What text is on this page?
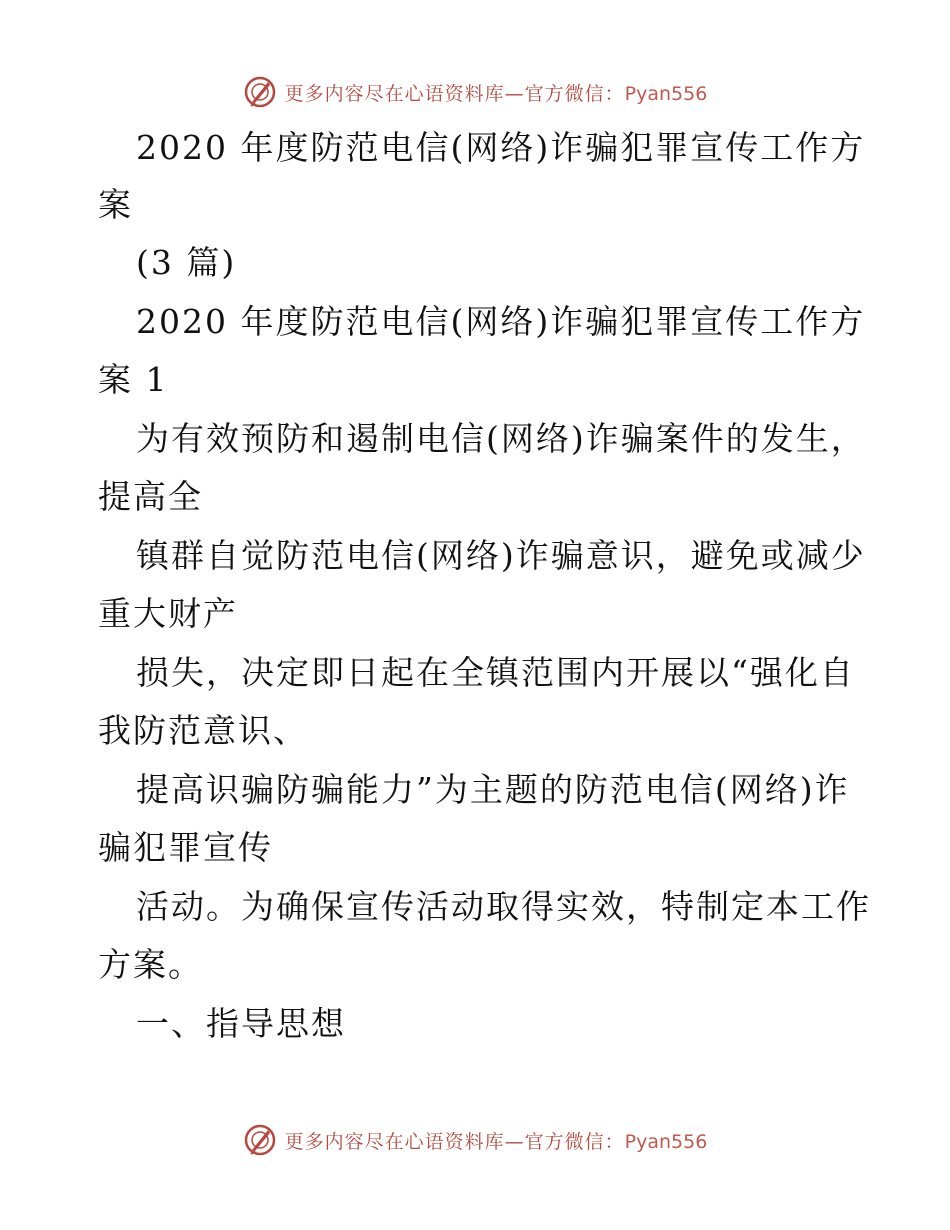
更多内容尽在心语资料库—官方微信：Pyan556
2020 年度防范电信(网络)诈骗犯罪宣传工作方
案
(3 篇)
2020 年度防范电信(网络)诈骗犯罪宣传工作方
案 1
为有效预防和遏制电信(网络)诈骗案件的发生，
提高全
镇群自觉防范电信(网络)诈骗意识，避免或减少
重大财产
损失，决定即日起在全镇范围内开展以“强化自
我防范意识、
提高识骗防骗能力”为主题的防范电信(网络)诈
骗犯罪宣传
活动。为确保宣传活动取得实效，特制定本工作
方案。
一、指导思想
更多内容尽在心语资料库—官方微信：Pyan556
